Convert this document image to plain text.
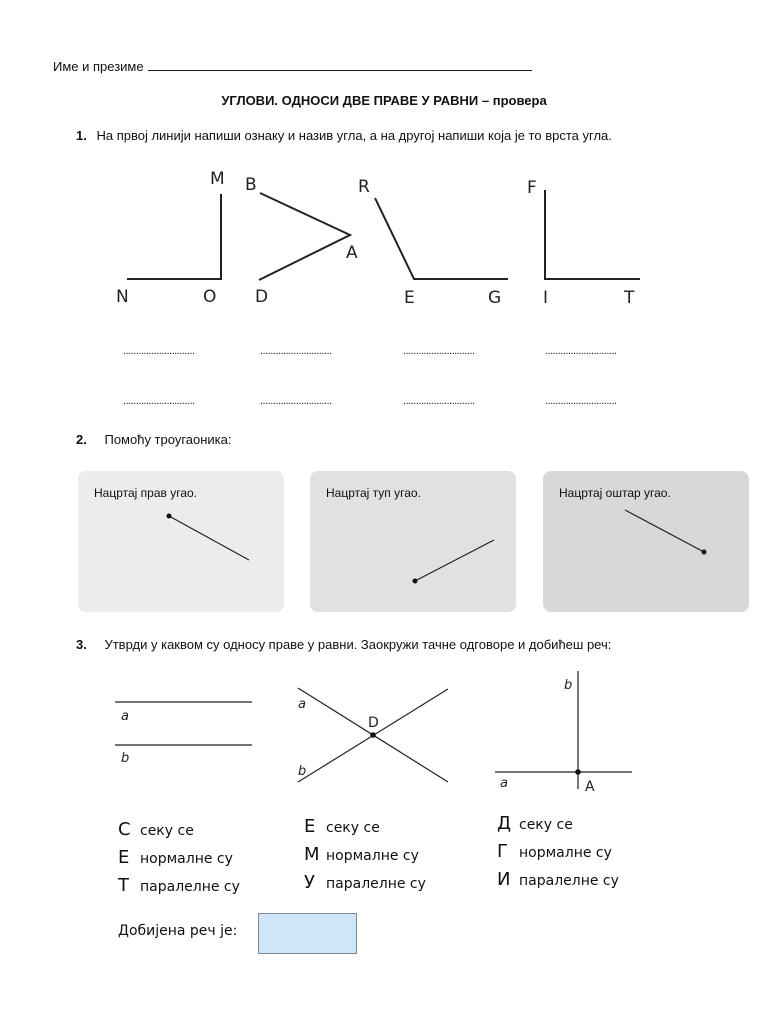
Име и презиме
УГЛОВИ. ОДНОСИ ДВЕ ПРАВЕ У РАВНИ – провера
1. На првој линији напиши ознаку и назив угла, а на другој напиши која је то врста угла.
M
N	O
B
A
D
R
E	G
F
I	T
............................	............................	............................	............................
............................	............................	............................	............................
2. Помоћу троугаоника:
Нацртај прав угао.	Нацртај туп угао.	Нацртај оштар угао.
3. Утврди у каквом су односу праве у равни. Заокружи тачне одговоре и добићеш реч:
a
b
a
b
b
a
D
A
С секу се
Е нормалне су
Т паралелне су
Е секу се
М нормалне су
У паралелне су
Д секу се
Г нормалне су
И паралелне су
Добијена реч је:
